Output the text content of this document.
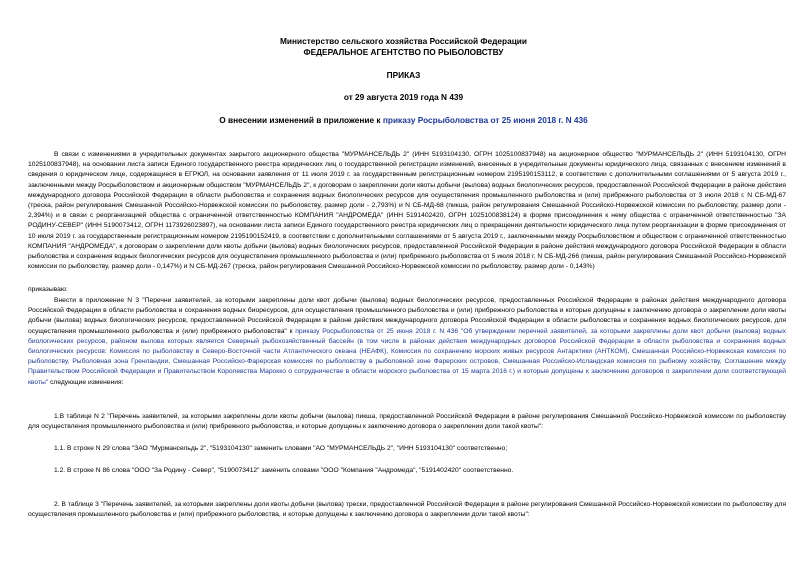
Министерство сельского хозяйства Российской Федерации
ФЕДЕРАЛЬНОЕ АГЕНТСТВО ПО РЫБОЛОВСТВУ
ПРИКАЗ
от 29 августа 2019 года N 439
О внесении изменений в приложение к приказу Росрыболовства от 25 июня 2018 г. N 436

В связи с изменениями в учредительных документах закрытого акционерного общества "МУРМАНСЕЛЬДЬ 2" (ИНН 5193104130, ОГРН 1025100837948) на акционерное общество "МУРМАНСЕЛЬДЬ 2" (ИНН 5193104130, ОГРН 1025100837948), на основании листа записи Единого государственного реестра юридических лиц о государственной регистрации изменений, внесенных в учредительные документы юридического лица, связанных с внесением изменений в сведения о юридическом лице, содержащиеся в ЕГРЮЛ, на основании заявления от 11 июля 2019 г. за государственным регистрационным номером 2195190153112, в соответствии с дополнительными соглашениями от 5 августа 2019 г., заключенными между Росрыболовством и акционерным обществом "МУРМАНСЕЛЬДЬ 2", к договорам о закреплении доли квоты добычи (вылова) водных биологических ресурсов, предоставленной Российской Федерации в районе действия международного договора Российской Федерации в области рыболовства и сохранения водных биологических ресурсов для осуществления промышленного рыболовства и (или) прибрежного рыболовства от 3 июля 2018 г. N СБ-МД-67 (треска, район регулирования Смешанной Российско-Норвежской комиссии по рыболовству, размер доли - 2,793%) и N СБ-МД-68 (пикша, район регулирования Смешанной Российско-Норвежской комиссии по рыболовству, размер доли - 2,394%) и в связи с реорганизацией общества с ограниченной ответственностью КОМПАНИЯ "АНДРОМЕДА" (ИНН 5191402420, ОГРН 1025100838124) в форме присоединения к нему общества с ограниченной ответственностью "ЗА РОДИНУ-СЕВЕР" (ИНН 5190073412, ОГРН 1173926023897), на основании листа записи Единого государственного реестра юридических лиц о прекращении деятельности юридического лица путем реорганизации в форме присоединения от 10 июля 2019 г. за государственным регистрационным номером 2195190152419, в соответствии с дополнительными соглашениями от 5 августа 2019 г., заключенными между Росрыболовством и обществом с ограниченной ответственностью КОМПАНИЯ "АНДРОМЕДА", к договорам о закреплении доли квоты добычи (вылова) водных биологических ресурсов, предоставленной Российской Федерации в районе действия международного договора Российской Федерации в области рыболовства и сохранения водных биологических ресурсов для осуществления промышленного рыболовства и (или) прибрежного рыболовства от 5 июля 2018 г. N СБ-МД-266 (пикша, район регулирования Смешанной Российско-Норвежской комиссии по рыболовству, размер доли - 0,147%) и N СБ-МД-267 (треска, район регулирования Смешанной Российско-Норвежской комиссии по рыболовству, размер доли - 0,143%)

приказываю:

Внести в приложение N 3 "Перечни заявителей, за которыми закреплены доли квот добычи (вылова) водных биологических ресурсов, предоставленных Российской Федерации в районах действия международного договора Российской Федерации в области рыболовства и сохранения водных биоресурсов, для осуществления промышленного рыболовства и (или) прибрежного рыболовства и которые допущены к заключению договора о закреплении доли квоты добычи (вылова) водных биологических ресурсов, предоставленной Российской Федерации в районе действия международного договора Российской Федерации в области рыболовства и сохранения водных биологических ресурсов, для осуществления промышленного рыболовства и (или) прибрежного рыболовства" к приказу Росрыболовства от 25 июня 2018 г. N 436 "Об утверждении перечней заявителей, за которыми закреплены доли квот добычи (вылова) водных биологических ресурсов, районом вылова которых является Северный рыбохозяйственный бассейн (в том числе в районах действия международных договоров Российской Федерации в области рыболовства и сохранения водных биологических ресурсов: Комиссия по рыболовству в Северо-Восточной части Атлантического океана (НЕАФК), Комиссия по сохранению морских живых ресурсов Антарктики (АНТКОМ), Смешанная Российско-Норвежская комиссия по рыболовству, Рыболовная зона Гренландии, Смешанная Российско-Фарерская комиссия по рыболовству в рыболовной зоне Фарерских островов, Смешанная Российско-Исландская комиссия по рыбному хозяйству, Соглашение между Правительством Российской Федерации и Правительством Королевства Марокко о сотрудничестве в области морского рыболовства от 15 марта 2016 г.) и которые допущены к заключению договоров о закреплении доли соответствующей квоты" следующие изменения:

1.В таблице N 2 "Перечень заявителей, за которыми закреплены доли квоты добычи (вылова) пикша, предоставленной Российской Федерации в районе регулирования Смешанной Российско-Норвежской комиссии по рыболовству для осуществления промышленного рыболовства и (или) прибрежного рыболовства, и которые допущены к заключению договора о закреплении доли такой квоты":

1.1. В строке N 29 слова "ЗАО "Мурмансельдь 2", "5193104130" заменить словами "АО "МУРМАНСЕЛЬДЬ 2", "ИНН 5193104130" соответственно;

1.2. В строке N 86 слова "ООО "За Родину - Север", "5190073412" заменить словами "ООО "Компания "Андромеда", "5191402420" соответственно.

2. В таблице 3 "Перечень заявителей, за которыми закреплены доли квоты добычи (вылова) трески, предоставленной Российской Федерации в районе регулирования Смешанной Российско-Норвежской комиссии по рыболовству для осуществления промышленного рыболовства и (или) прибрежного рыболовства, и которые допущены к заключению договора о закреплении доли такой квоты":
